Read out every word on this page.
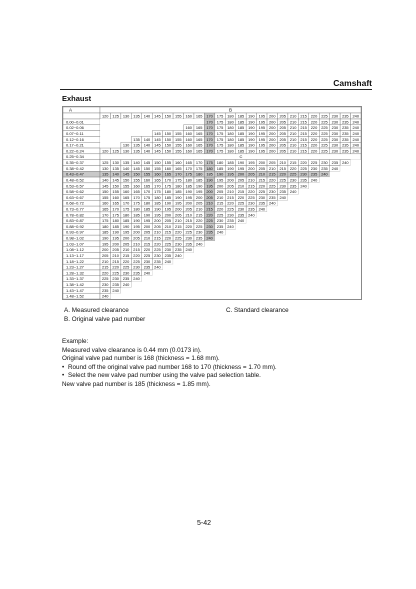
Camshaft
Exhaust
A	B
120 125 130 135 140 145 150 155 160 165 170 175 180 185 190 195 200 205 210 215 220 225 230 235 240
0.00~0.01	170 175 180 185 190 195 200 205 210 215 220 225 230 235 240
0.02~0.06	160 165 170 175 180 185 190 195 200 205 210 215 220 225 230 235 240
0.07~0.11	145 150 155 160 165 170 175 180 185 190 195 200 205 210 215 220 225 230 235 240
0.12~0.16	135 140 145 150 155 160 165 170 175 180 185 190 195 200 205 210 215 220 225 230 235 240
0.17~0.21	130 135 140 145 150 155 160 165 170 175 180 185 190 195 200 205 210 215 220 225 230 235 240
0.22~0.24	120 125 130 135 140 145 150 155 160 165 170 175 180 185 190 195 200 205 210 215 220 225 230 235 240
0.25~0.34	C
0.35~0.37	125 130 135 140 145 150 155 160 165 170 175 180 185 190 195 200 205 210 215 220 225 230 235 240
0.38~0.42	130 135 140 145 150 155 160 165 170 175 180 185 190 195 200 205 210 215 220 225 230 235 240
0.43~0.47	135 140 145 150 155 160 165 170 175 180 185 190 195 200 205 210 215 220 225 230 235 240
0.48~0.52	140 145 150 155 160 165 170 175 180 185 190 195 200 205 210 215 220 225 230 235 240
0.53~0.57	145 150 155 160 165 170 175 180 185 190 195 200 205 210 215 220 225 230 235 240
0.58~0.62	150 155 160 165 170 175 180 185 190 195 200 205 210 215 220 225 230 235 240
0.63~0.67	155 160 165 170 175 180 185 190 195 200 205 210 215 220 225 230 235 240
0.68~0.72	160 165 170 175 180 185 190 195 200 205 210 215 220 225 230 235 240
0.73~0.77	165 170 175 180 185 190 195 200 205 210 215 220 225 230 235 240
0.78~0.82	170 175 180 185 190 195 200 205 210 215 220 225 230 235 240
0.83~0.87	175 180 185 190 195 200 205 210 215 220 225 230 235 240
0.88~0.92	180 185 190 195 200 205 210 215 220 225 230 235 240
0.93~0.97	185 190 195 200 205 210 215 220 225 230 235 240
0.98~1.02	190 195 200 205 210 215 220 225 230 235 240
1.03~1.07	195 200 205 210 215 220 225 230 235 240
1.08~1.12	200 205 210 215 220 225 230 235 240
1.13~1.17	205 210 215 220 225 230 235 240
1.18~1.22	210 215 220 225 230 235 240
1.23~1.27	215 220 225 230 235 240
1.28~1.32	220 225 230 235 240
1.33~1.37	225 230 235 240
1.38~1.42	230 235 240
1.43~1.47	235 240
1.48~1.52	240
A. Measured clearance
B. Original valve pad number
C. Standard clearance
Example:
Measured valve clearance is 0.44 mm (0.0173 in).
Original valve pad number is 168 (thickness = 1.68 mm).
• Round off the original valve pad number 168 to 170 (thickness = 1.70 mm).
• Select the new valve pad number using the valve pad selection table.
New valve pad number is 185 (thickness = 1.85 mm).
5-42
